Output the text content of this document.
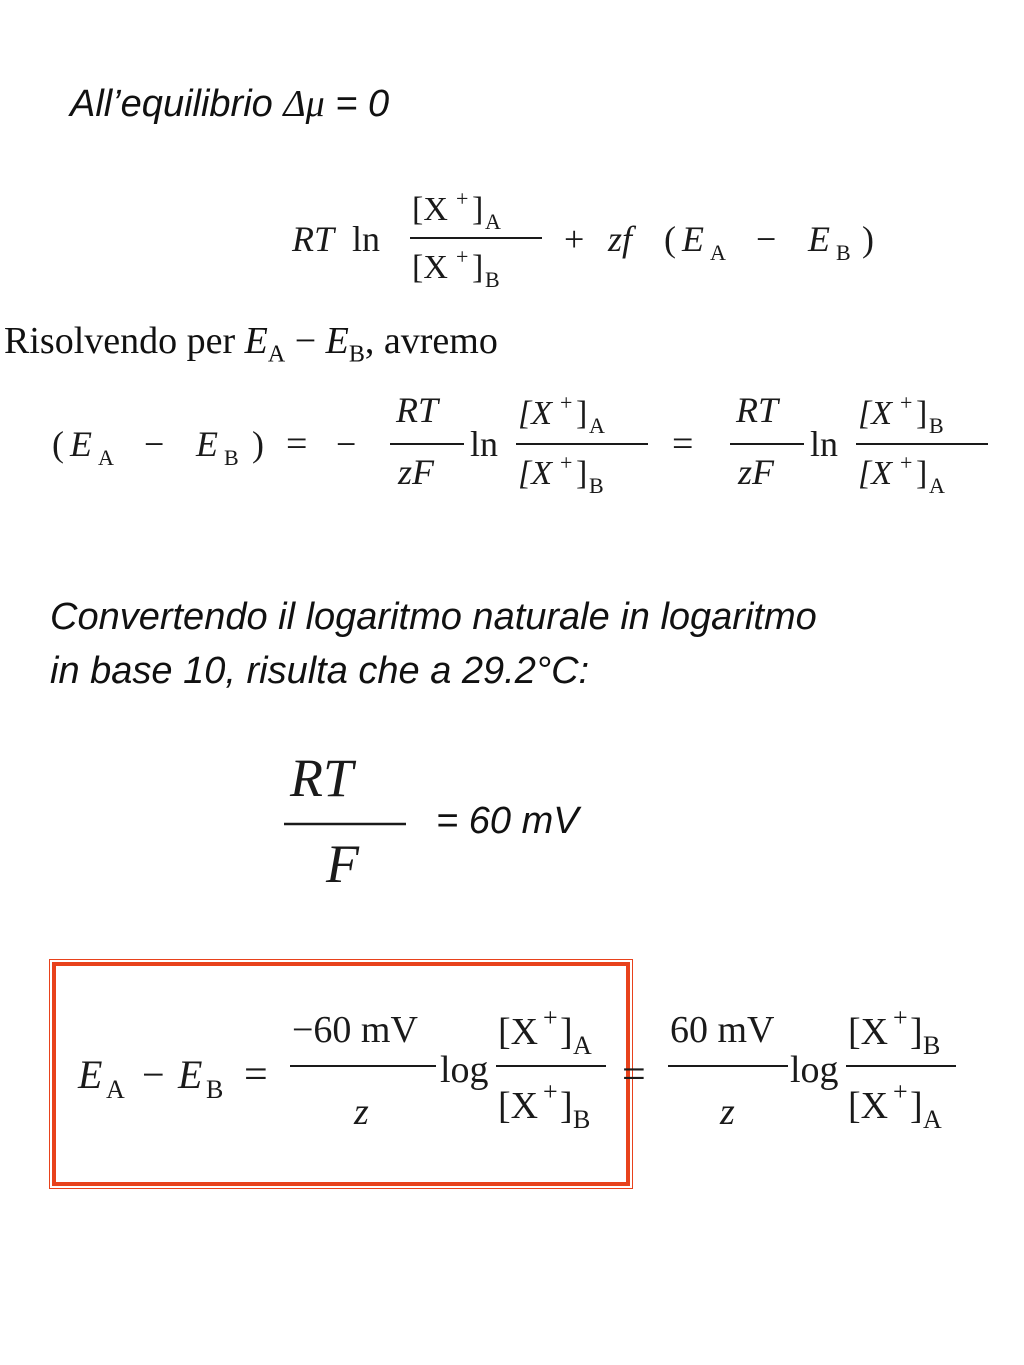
All’equilibrio Δμ = 0
RT ln
[X + ] A
[X + ] B
+ zf ( E A − E B )
Risolvendo per $E_A - E_B$, avremo
( E A − E B ) = −
RT
zF
ln
[X + ] A
[X + ] B
=
RT
zF
ln
[X + ] B
[X + ] A
Convertendo il logaritmo naturale in logaritmo
in base 10, risulta che a 29.2°C:
RT
F
= 60 mV
E A − E B =
−60 mV
z
log
[X + ] A
[X + ] B
=
60 mV
z
log
[X + ] B
[X + ] A
